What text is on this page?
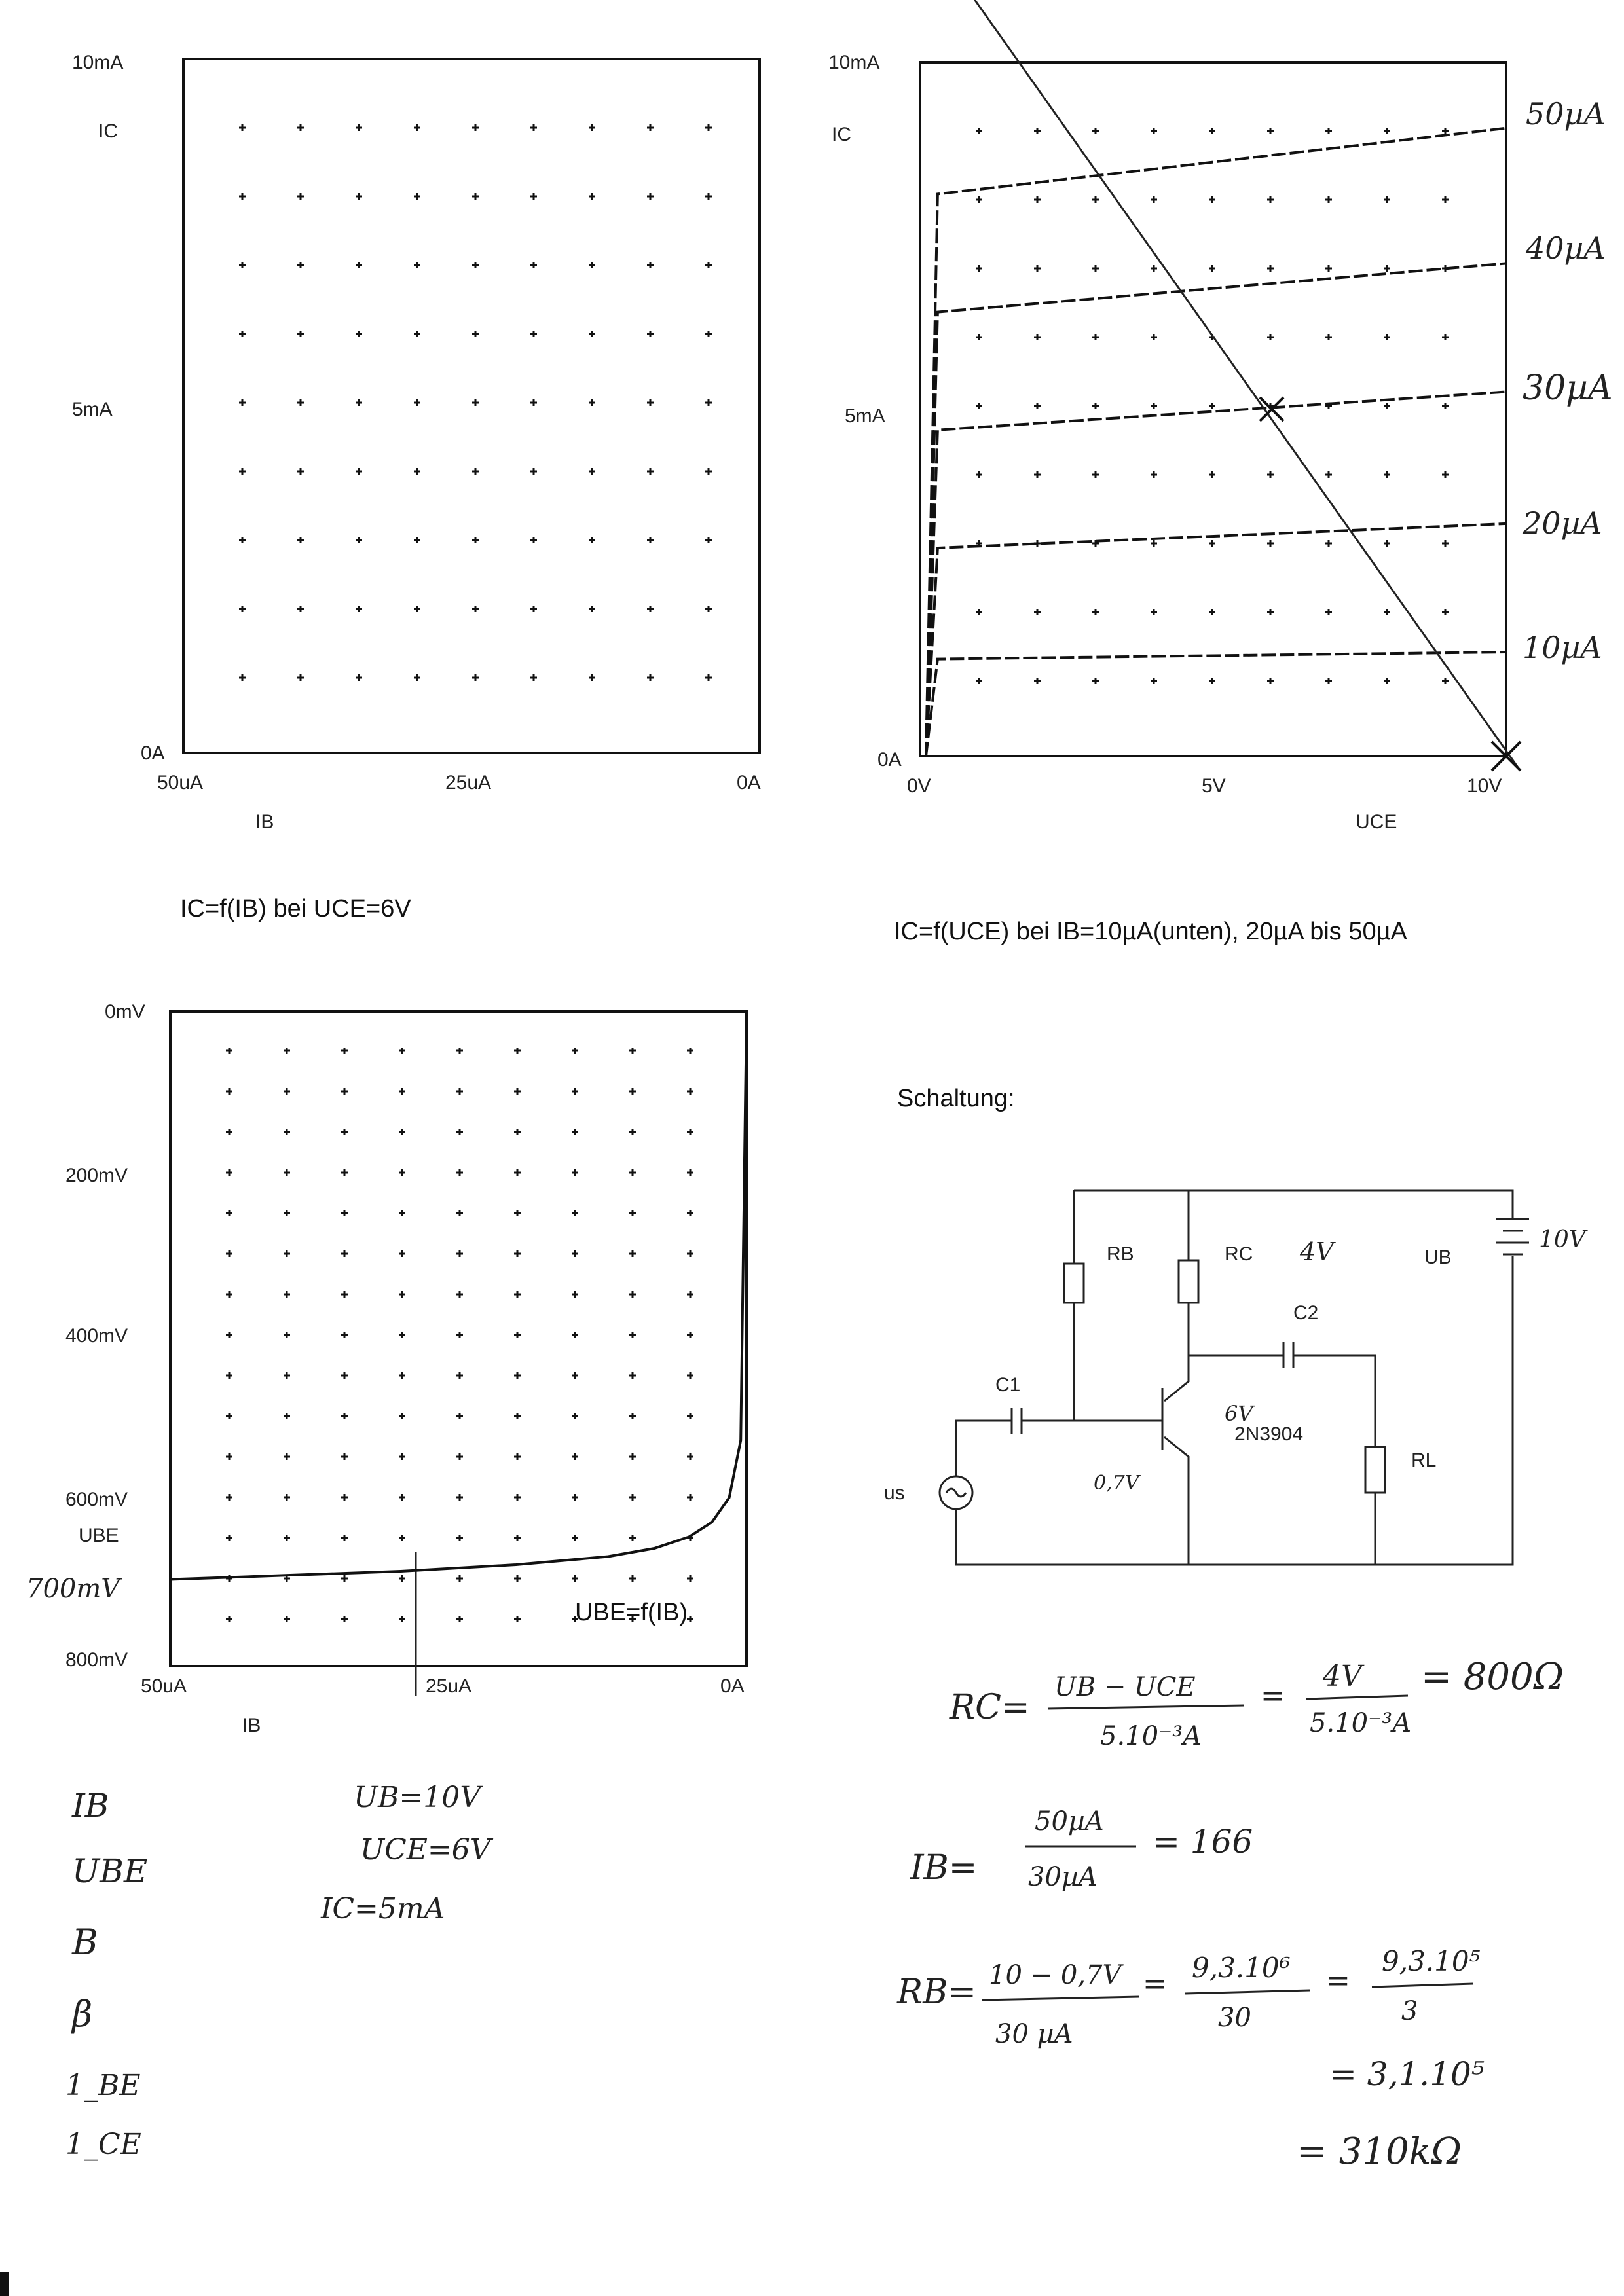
10mA
IC
5mA
0A
50uA	25uA	0A
IB
IC=f(IB) bei UCE=6V
10mA
IC
5mA
0A
0V	5V	10V
UCE
IC=f(UCE) bei IB=10µA(unten), 20µA bis 50µA
50µA
40µA
30µA
20µA
10µA
0mV
200mV
400mV
600mV
UBE
700mV
800mV
50uA	25uA	0A
IB
UBE=f(IB)
Schaltung:
RB	RC 4V
C2
RL
2N3904
6V
0,7V
C1
us
UB
10V
IB
UBE
B
β
1_BE
1_CE
UB=10V
UCE=6V
IC=5mA
RC=
UB − UCE
5.10⁻³A
=
4V
5.10⁻³A
= 800Ω
IB=
50µA
30µA
= 166
RB= 10 − 0,7V
30 µA
= 9,3.10⁶
30
=
9,3.10⁵
3
= 3,1.10⁵
= 310kΩ
